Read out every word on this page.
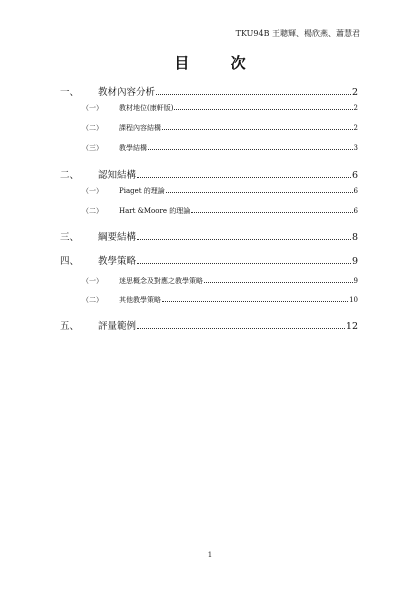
TKU94B 王聰輝、楊欣燕、蕭慧君
目 次
一、	教材內容分析	2
（一）	教材地位(康軒版)	2
（二）	課程內容結構	2
（三）	教學結構	3
二、	認知結構	6
（一）	Piaget 的理論	6
（二）	Hart &Moore 的理論	6
三、	綱要結構	8
四、	教學策略	9
（一）	迷思概念及對應之教學策略	9
（二）	其他教學策略	10
五、	評量範例	12
1
